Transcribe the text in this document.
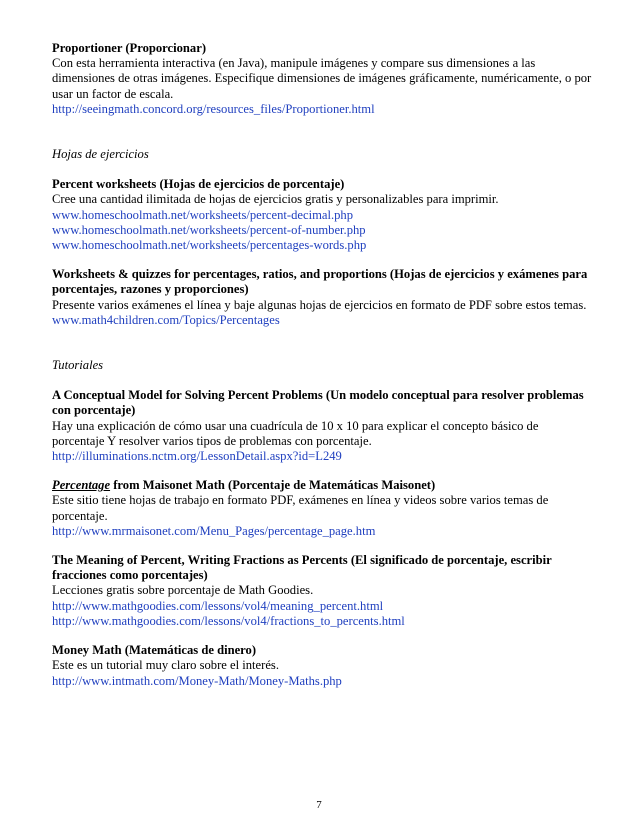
Proportioner (Proporcionar)
Con esta herramienta interactiva (en Java), manipule imágenes y compare sus dimensiones a las dimensiones de otras imágenes. Especifique dimensiones de imágenes gráficamente, numéricamente, o por usar un factor de escala.
http://seeingmath.concord.org/resources_files/Proportioner.html
Hojas de ejercicios
Percent worksheets (Hojas de ejercicios de porcentaje)
Cree una cantidad ilimitada de hojas de ejercicios gratis y personalizables para imprimir.
www.homeschoolmath.net/worksheets/percent-decimal.php
www.homeschoolmath.net/worksheets/percent-of-number.php
www.homeschoolmath.net/worksheets/percentages-words.php
Worksheets & quizzes for percentages, ratios, and proportions (Hojas de ejercicios y exámenes para porcentajes, razones y proporciones)
Presente varios exámenes el línea y baje algunas hojas de ejercicios en formato de PDF sobre estos temas.
www.math4children.com/Topics/Percentages
Tutoriales
A Conceptual Model for Solving Percent Problems (Un modelo conceptual para resolver problemas con porcentaje)
Hay una explicación de cómo usar una cuadrícula de 10 x 10 para explicar el concepto básico de porcentaje Y resolver varios tipos de problemas con porcentaje.
http://illuminations.nctm.org/LessonDetail.aspx?id=L249
Percentage from Maisonet Math (Porcentaje de Matemáticas Maisonet)
Este sitio tiene hojas de trabajo en formato PDF, exámenes en línea y videos sobre varios temas de porcentaje.
http://www.mrmaisonet.com/Menu_Pages/percentage_page.htm
The Meaning of Percent, Writing Fractions as Percents (El significado de porcentaje, escribir fracciones como porcentajes)
Lecciones gratis sobre porcentaje de Math Goodies.
http://www.mathgoodies.com/lessons/vol4/meaning_percent.html
http://www.mathgoodies.com/lessons/vol4/fractions_to_percents.html
Money Math (Matemáticas de dinero)
Este es un tutorial muy claro sobre el interés.
http://www.intmath.com/Money-Math/Money-Maths.php
7
